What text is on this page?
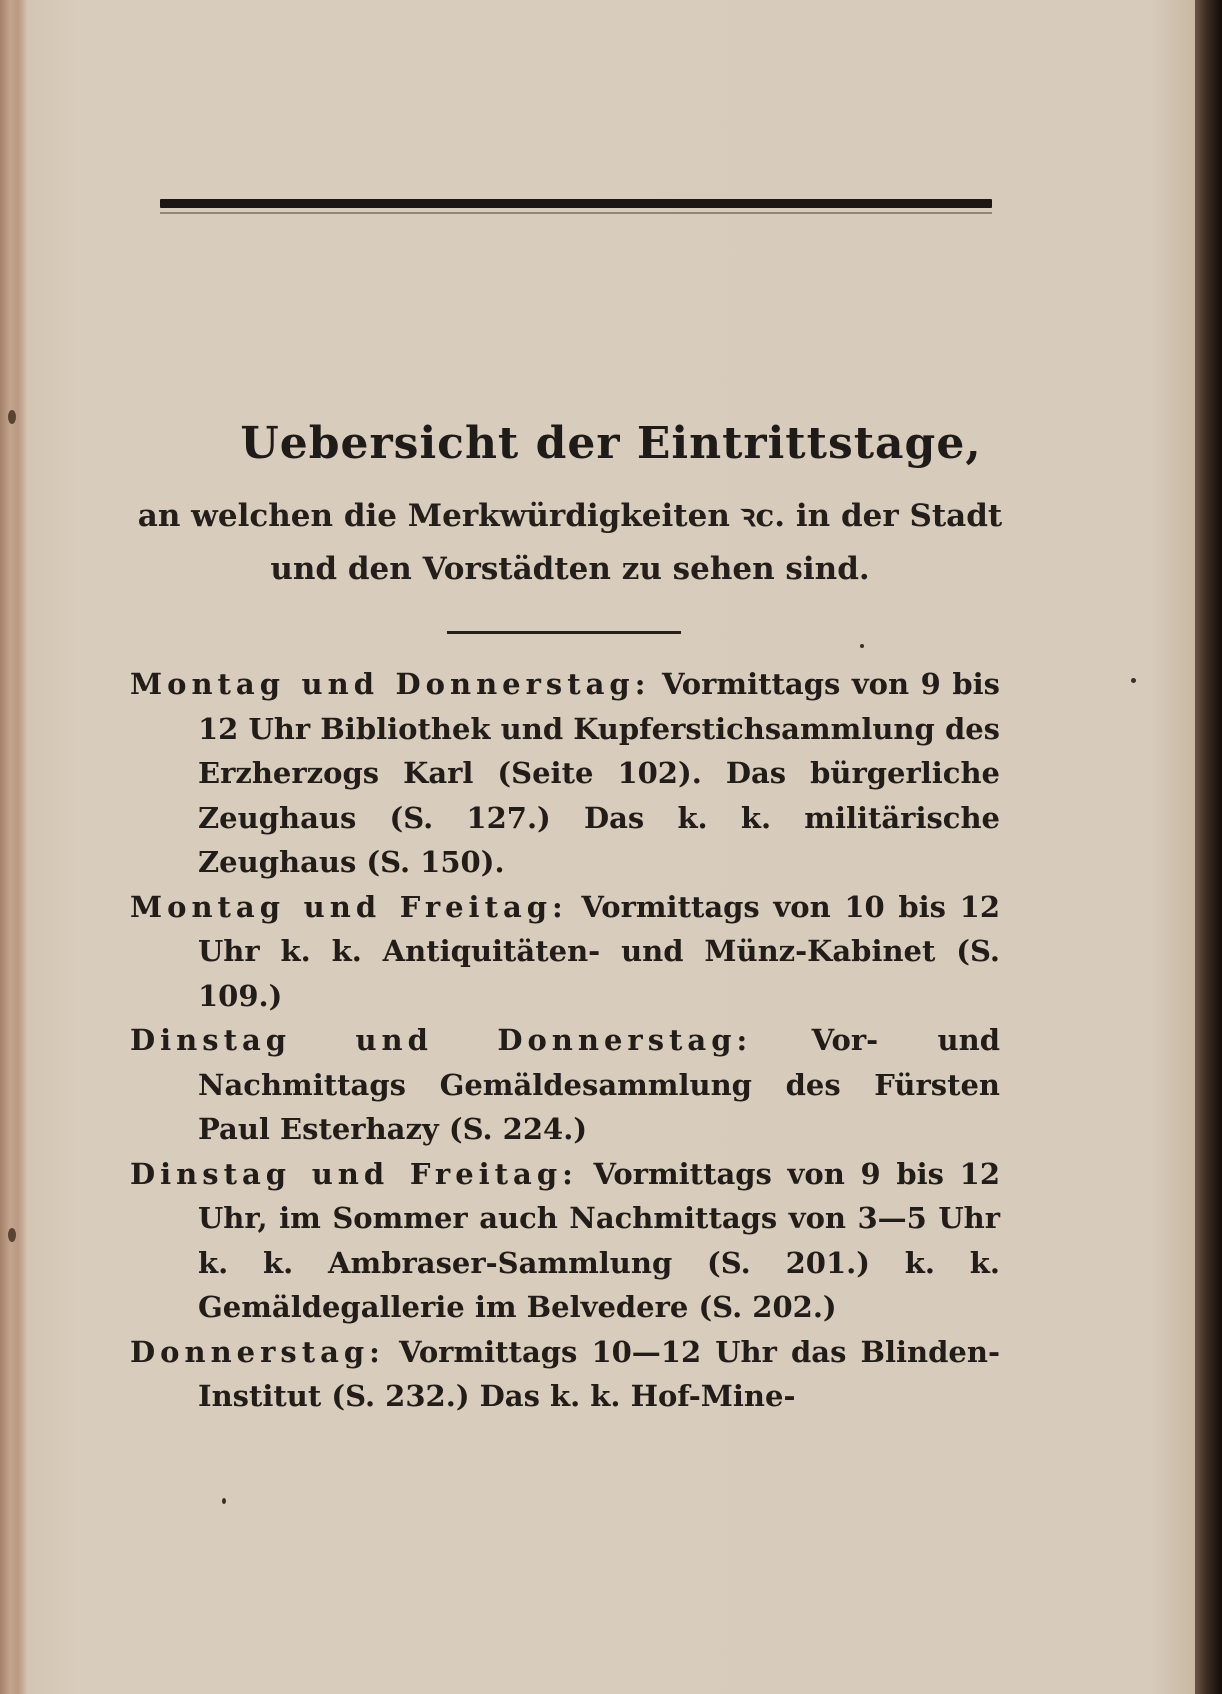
Uebersicht der Eintrittstage,
an welchen die Merkwürdigkeiten ꝛc. in der Stadt
und den Vorstädten zu sehen sind.

Montag und Donnerstag: Vormittags von 9 bis 12 Uhr Bibliothek und Kupferstichsammlung des Erzherzogs Karl (Seite 102). Das bürgerliche Zeughaus (S. 127.) Das k. k. militärische Zeughaus (S. 150).

Montag und Freitag: Vormittags von 10 bis 12 Uhr k. k. Antiquitäten- und Münz-Kabinet (S. 109.)

Dinstag und Donnerstag: Vor- und Nachmittags Gemäldesammlung des Fürsten Paul Esterhazy (S. 224.)

Dinstag und Freitag: Vormittags von 9 bis 12 Uhr, im Sommer auch Nachmittags von 3—5 Uhr k. k. Ambraser-Sammlung (S. 201.) k. k. Gemäldegallerie im Belvedere (S. 202.)

Donnerstag: Vormittags 10—12 Uhr das Blinden-Institut (S. 232.) Das k. k. Hof-Mine-
